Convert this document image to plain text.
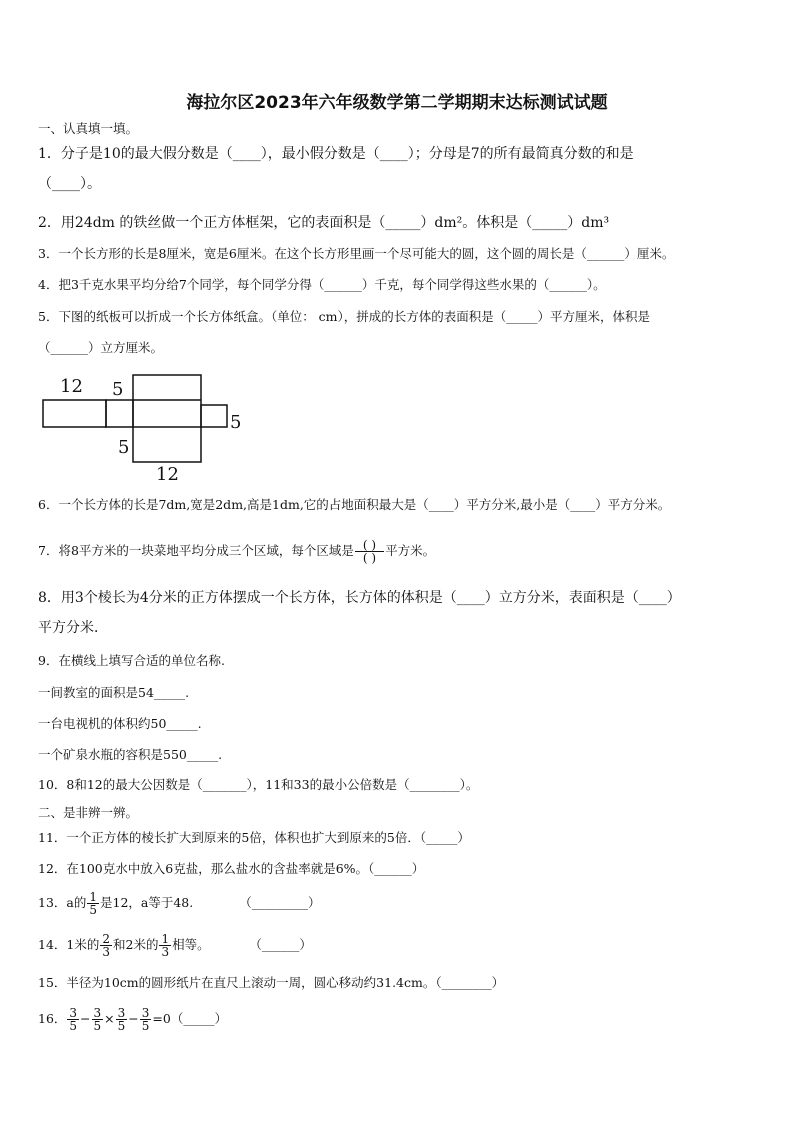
海拉尔区2023年六年级数学第二学期期末达标测试试题
一、认真填一填。
1．分子是10的最大假分数是（____），最小假分数是（____）；分母是7的所有最简真分数的和是
（____）。
2．用24dm 的铁丝做一个正方体框架，它的表面积是（_____）dm²。体积是（_____）dm³
3．一个长方形的长是8厘米，宽是6厘米。在这个长方形里画一个尽可能大的圆，这个圆的周长是（______）厘米。
4．把3千克水果平均分给7个同学，每个同学分得（______）千克，每个同学得这些水果的（______）。
5．下图的纸板可以折成一个长方体纸盒。（单位： cm），拼成的长方体的表面积是（_____）平方厘米，体积是
（______）立方厘米。
12 5
5
5
12
6．一个长方体的长是7dm,宽是2dm,高是1dm,它的占地面积最大是（____）平方分米,最小是（____）平方分米。
7．将8平方米的一块菜地平均分成三个区域，每个区域是 $\frac{( )}{( )}$ 平方米。
8．用3个棱长为4分米的正方体摆成一个长方体，长方体的体积是（____）立方分米，表面积是（____）
平方分米．
9．在横线上填写合适的单位名称.
一间教室的面积是54_____.
一台电视机的体积约50_____.
一个矿泉水瓶的容积是550_____.
10．8和12的最大公因数是（_______），11和33的最小公倍数是（________）。
二、是非辨一辨。
11．一个正方体的棱长扩大到原来的5倍，体积也扩大到原来的5倍．（_____）
12．在100克水中放入6克盐，那么盐水的含盐率就是6%。（______）
13．a的 $\frac{1}{5}$ 是12，a等于48.	（_________）
14．1米的 $\frac{2}{3}$ 和2米的 $\frac{1}{3}$ 相等。	（______）
15．半径为10cm的圆形纸片在直尺上滚动一周，圆心移动约31.4cm。（________）
16． $\frac{3}{5} - \frac{3}{5} \times \frac{3}{5} - \frac{3}{5}$ =0（_____）
